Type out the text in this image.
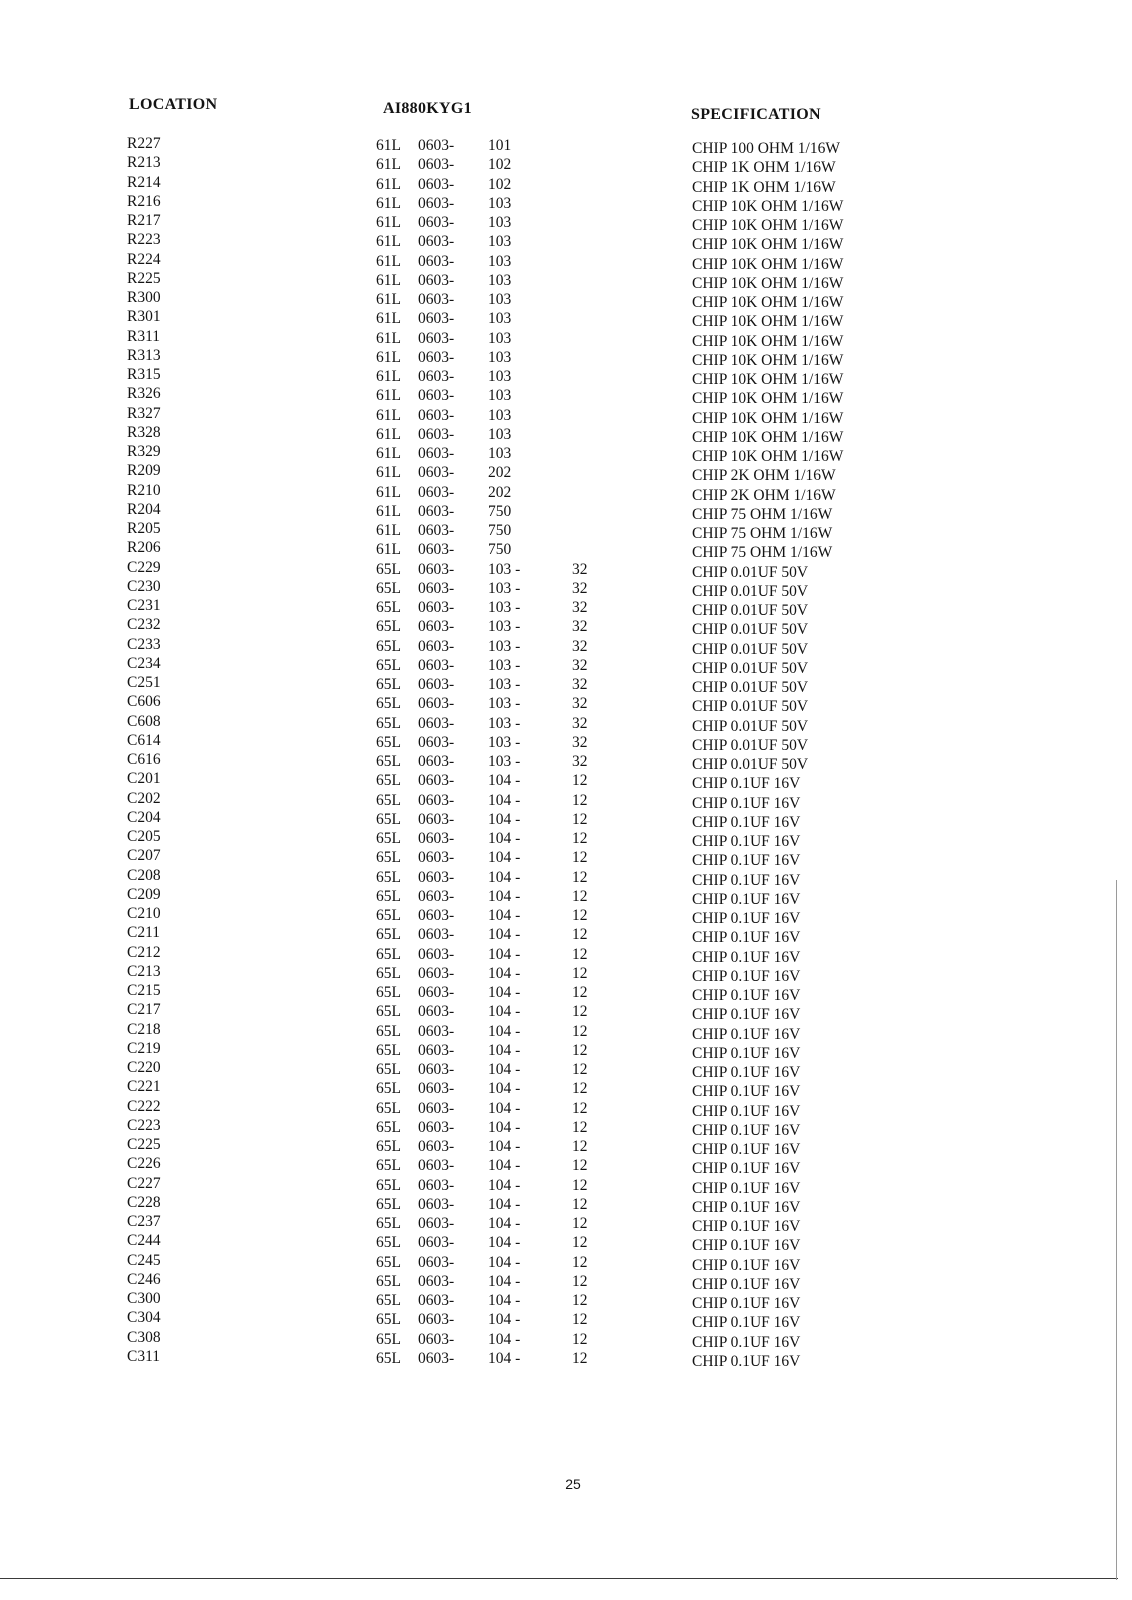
LOCATION	AI880KYG1	SPECIFICATION
R227	61L 0603- 101	CHIP 100 OHM 1/16W
R213	61L 0603- 102	CHIP 1K OHM 1/16W
R214	61L 0603- 102	CHIP 1K OHM 1/16W
R216	61L 0603- 103	CHIP 10K OHM 1/16W
R217	61L 0603- 103	CHIP 10K OHM 1/16W
R223	61L 0603- 103	CHIP 10K OHM 1/16W
R224	61L 0603- 103	CHIP 10K OHM 1/16W
R225	61L 0603- 103	CHIP 10K OHM 1/16W
R300	61L 0603- 103	CHIP 10K OHM 1/16W
R301	61L 0603- 103	CHIP 10K OHM 1/16W
R311	61L 0603- 103	CHIP 10K OHM 1/16W
R313	61L 0603- 103	CHIP 10K OHM 1/16W
R315	61L 0603- 103	CHIP 10K OHM 1/16W
R326	61L 0603- 103	CHIP 10K OHM 1/16W
R327	61L 0603- 103	CHIP 10K OHM 1/16W
R328	61L 0603- 103	CHIP 10K OHM 1/16W
R329	61L 0603- 103	CHIP 10K OHM 1/16W
R209	61L 0603- 202	CHIP 2K OHM 1/16W
R210	61L 0603- 202	CHIP 2K OHM 1/16W
R204	61L 0603- 750	CHIP 75 OHM 1/16W
R205	61L 0603- 750	CHIP 75 OHM 1/16W
R206	61L 0603- 750	CHIP 75 OHM 1/16W
C229	65L 0603- 103 -	32	CHIP 0.01UF 50V
C230	65L 0603- 103 -	32	CHIP 0.01UF 50V
C231	65L 0603- 103 -	32	CHIP 0.01UF 50V
C232	65L 0603- 103 -	32	CHIP 0.01UF 50V
C233	65L 0603- 103 -	32	CHIP 0.01UF 50V
C234	65L 0603- 103 -	32	CHIP 0.01UF 50V
C251	65L 0603- 103 -	32	CHIP 0.01UF 50V
C606	65L 0603- 103 -	32	CHIP 0.01UF 50V
C608	65L 0603- 103 -	32	CHIP 0.01UF 50V
C614	65L 0603- 103 -	32	CHIP 0.01UF 50V
C616	65L 0603- 103 -	32	CHIP 0.01UF 50V
C201	65L 0603- 104 -	12	CHIP 0.1UF 16V
C202	65L 0603- 104 -	12	CHIP 0.1UF 16V
C204	65L 0603- 104 -	12	CHIP 0.1UF 16V
C205	65L 0603- 104 -	12	CHIP 0.1UF 16V
C207	65L 0603- 104 -	12	CHIP 0.1UF 16V
C208	65L 0603- 104 -	12	CHIP 0.1UF 16V
C209	65L 0603- 104 -	12	CHIP 0.1UF 16V
C210	65L 0603- 104 -	12	CHIP 0.1UF 16V
C211	65L 0603- 104 -	12	CHIP 0.1UF 16V
C212	65L 0603- 104 -	12	CHIP 0.1UF 16V
C213	65L 0603- 104 -	12	CHIP 0.1UF 16V
C215	65L 0603- 104 -	12	CHIP 0.1UF 16V
C217	65L 0603- 104 -	12	CHIP 0.1UF 16V
C218	65L 0603- 104 -	12	CHIP 0.1UF 16V
C219	65L 0603- 104 -	12	CHIP 0.1UF 16V
C220	65L 0603- 104 -	12	CHIP 0.1UF 16V
C221	65L 0603- 104 -	12	CHIP 0.1UF 16V
C222	65L 0603- 104 -	12	CHIP 0.1UF 16V
C223	65L 0603- 104 -	12	CHIP 0.1UF 16V
C225	65L 0603- 104 -	12	CHIP 0.1UF 16V
C226	65L 0603- 104 -	12	CHIP 0.1UF 16V
C227	65L 0603- 104 -	12	CHIP 0.1UF 16V
C228	65L 0603- 104 -	12	CHIP 0.1UF 16V
C237	65L 0603- 104 -	12	CHIP 0.1UF 16V
C244	65L 0603- 104 -	12	CHIP 0.1UF 16V
C245	65L 0603- 104 -	12	CHIP 0.1UF 16V
C246	65L 0603- 104 -	12	CHIP 0.1UF 16V
C300	65L 0603- 104 -	12	CHIP 0.1UF 16V
C304	65L 0603- 104 -	12	CHIP 0.1UF 16V
C308	65L 0603- 104 -	12	CHIP 0.1UF 16V
C311	65L 0603- 104 -	12	CHIP 0.1UF 16V
25
